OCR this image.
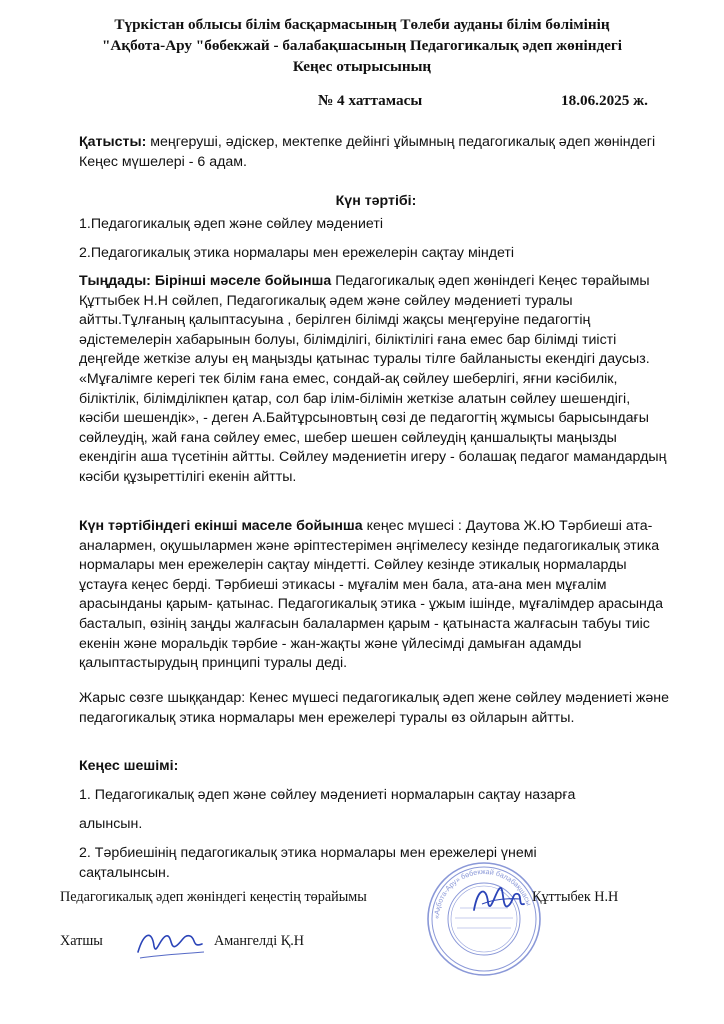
Түркістан облысы білім басқармасының Төлеби ауданы білім бөлімінің
"Ақбота-Ару "бөбекжай - балабақшасының Педагогикалық әдеп жөніндегі
Кеңес отырысының
№ 4 хаттамасы	18.06.2025 ж.
Қатысты: меңгеруші, әдіскер, мектепке дейінгі ұйымның педагогикалық әдеп жөніндегі Кеңес мүшелері - 6 адам.
Күн тәртібі:
1.Педагогикалық әдеп және сөйлеу мәдениеті
2.Педагогикалық этика нормалары мен ережелерін сақтау міндеті
Тыңдады: Бірінші мәселе бойынша Педагогикалық әдеп жөніндегі Кеңес төрайымы Құттыбек Н.Н сөйлеп, Педагогикалық әдем және сөйлеу мәдениеті туралы айтты.Тұлғаның қалыптасуына , берілген білімді жақсы меңгеруіне педагогтің әдістемелерін хабарынын болуы, білімділігі, біліктілігі ғана емес бар білімді тиісті деңгейде жеткізе алуы ең маңызды қатынас туралы тілге байланысты екендігі даусыз. «Мұғалімге керегі тек білім ғана емес, сондай-ақ сөйлеу шеберлігі, яғни кәсібилік, біліктілік, білімділікпен қатар, сол бар ілім-білімін жеткізе алатын сөйлеу шешендігі, кәсіби шешендік», - деген А.Байтұрсыновтың сөзі де педагогтің жұмысы барысындағы сөйлеудің, жай ғана сөйлеу емес, шебер шешен сөйлеудің қаншалықты маңызды екендігін аша түсетінін айтты. Сөйлеу мәдениетін игеру - болашақ педагог мамандардың кәсіби құзыреттілігі екенін айтты.
Күн тәртібіндегі екінші маселе бойынша кеңес мүшесі : Даутова Ж.Ю Тәрбиеші ата-аналармен, оқушылармен және әріптестерімен әңгімелесу кезінде педагогикалық этика нормалары мен ережелерін сақтау міндетті. Сөйлеу кезінде этикалық нормаларды ұстауға кеңес берді. Тәрбиеші этикасы - мұғалім мен бала, ата-ана мен мұғалім арасынданы қарым- қатынас. Педагогикалық этика - ұжым ішінде, мұғалімдер арасында басталып, өзінің заңды жалғасын балалармен қарым - қатынаста жалғасын табуы тиіс екенін және моральдік тәрбие - жан-жақты және үйлесімді дамыған адамды қалыптастырудың принципі туралы деді.
Жарыс сөзге шыққандар: Кенес мүшесі педагогикалық әдеп жене сөйлеу мәдениеті және педагогикалық этика нормалары мен ережелері туралы өз ойларын айтты.
Кеңес шешімі:
1. Педагогикалық әдеп және сөйлеу мәдениеті нормаларын сақтау назарға
алынсын.
2. Тәрбиешінің педагогикалық этика нормалары мен ережелері үнемі сақталынсын.
«Ақбота-Ару» бөбекжай балабақшасы
Педагогикалық әдеп жөніндегі кеңестің төрайымы	Құттыбек Н.Н
Хатшы	Амангелді Қ.Н
